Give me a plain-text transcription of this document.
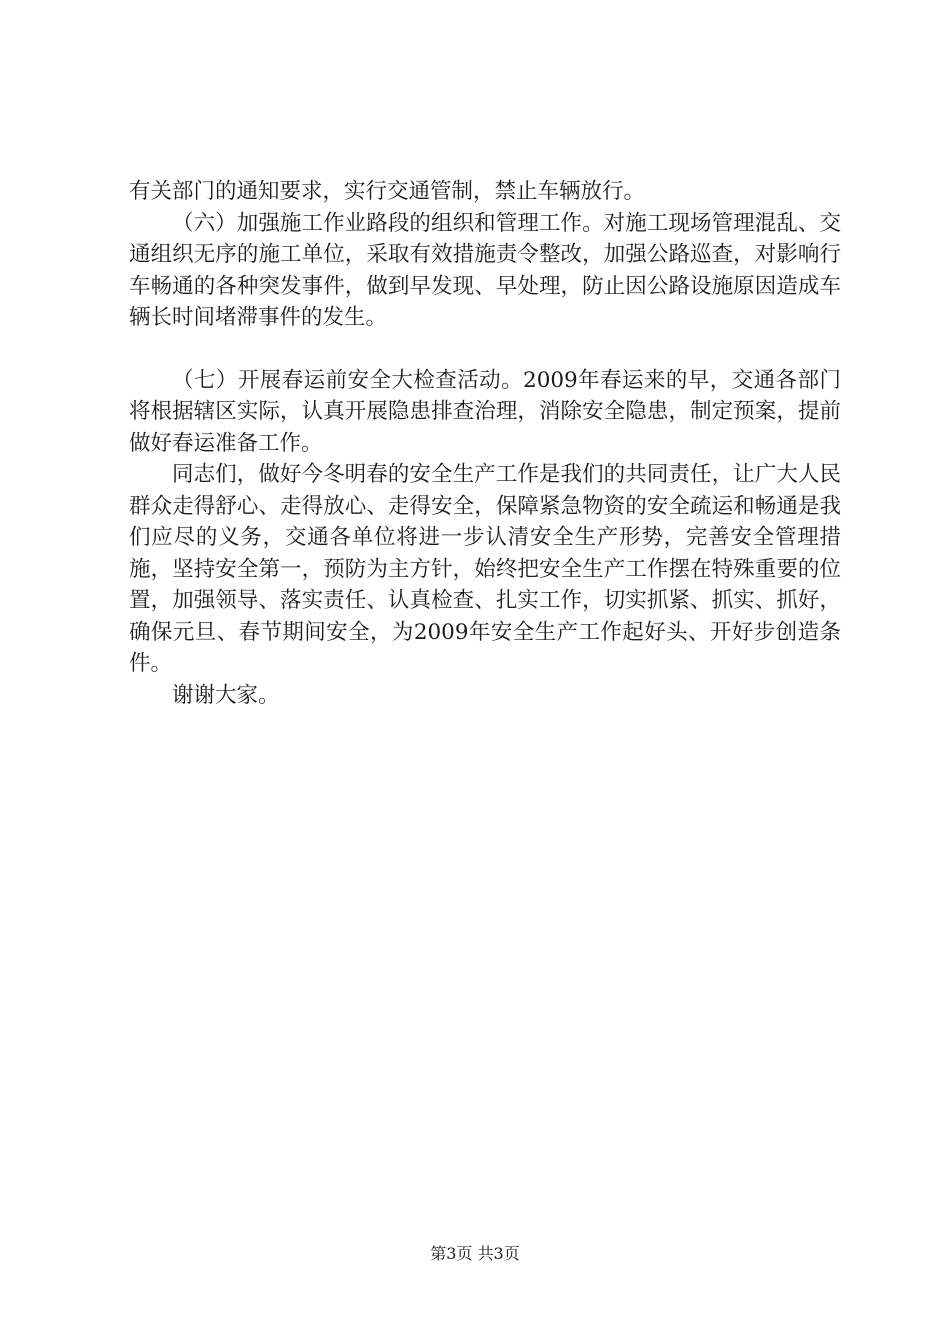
有关部门的通知要求，实行交通管制，禁止车辆放行。

（六）加强施工作业路段的组织和管理工作。对施工现场管理混乱、交通组织无序的施工单位，采取有效措施责令整改，加强公路巡查，对影响行车畅通的各种突发事件，做到早发现、早处理，防止因公路设施原因造成车辆长时间堵滞事件的发生。

（七）开展春运前安全大检查活动。2009年春运来的早，交通各部门将根据辖区实际，认真开展隐患排查治理，消除安全隐患，制定预案，提前做好春运准备工作。

同志们，做好今冬明春的安全生产工作是我们的共同责任，让广大人民群众走得舒心、走得放心、走得安全，保障紧急物资的安全疏运和畅通是我们应尽的义务，交通各单位将进一步认清安全生产形势，完善安全管理措施，坚持安全第一，预防为主方针，始终把安全生产工作摆在特殊重要的位置，加强领导、落实责任、认真检查、扎实工作，切实抓紧、抓实、抓好，确保元旦、春节期间安全，为2009年安全生产工作起好头、开好步创造条件。

谢谢大家。

第3页 共3页
